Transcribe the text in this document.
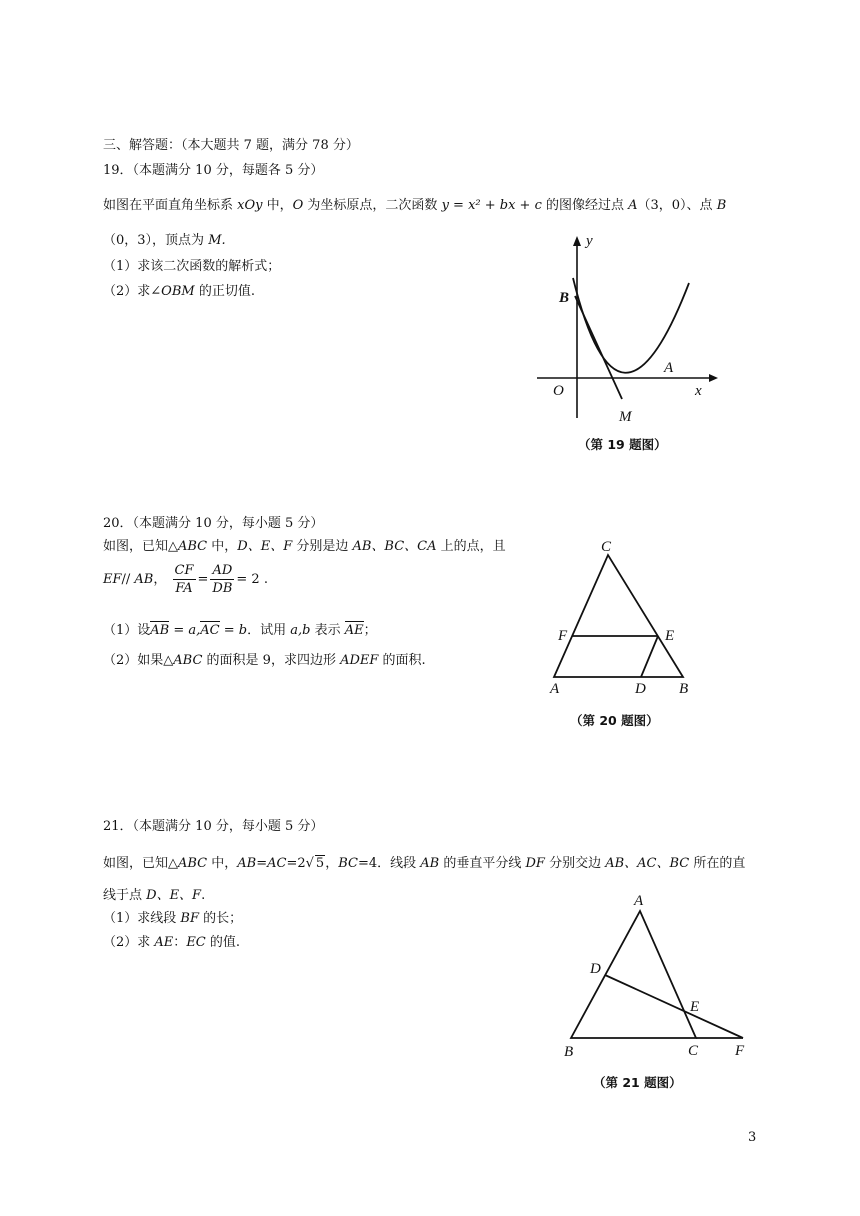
三、解答题：（本大题共 7 题，满分 78 分）
19．（本题满分 10 分，每题各 5 分）
如图在平面直角坐标系 xOy 中，O 为坐标原点，二次函数 y = x² + bx + c 的图像经过点 A（3，0）、点 B
（0，3），顶点为 M.
（1）求该二次函数的解析式；
（2）求∠OBM 的正切值.
y
B
O
A
x
M
（第 19 题图）
20．（本题满分 10 分，每小题 5 分）
如图，已知△ABC 中，D、E、F 分别是边 AB、BC、CA 上的点，且
EF// AB， $\frac{CF}{FA} = \frac{AD}{DB} = 2$ .
（1）设AB = a,AC = b．试用 a,b 表示 AE；
（2）如果△ABC 的面积是 9，求四边形 ADEF 的面积.
C
F	E
A	D B
（第 20 题图）
21．（本题满分 10 分，每小题 5 分）
如图，已知△ABC 中，AB=AC=2√ 5，BC=4．线段 AB 的垂直平分线 DF 分别交边 AB、AC、BC 所在的直
线于点 D、E、F.
（1）求线段 BF 的长；
（2）求 AE：EC 的值.
A
D
E
B	C F
（第 21 题图）
3
